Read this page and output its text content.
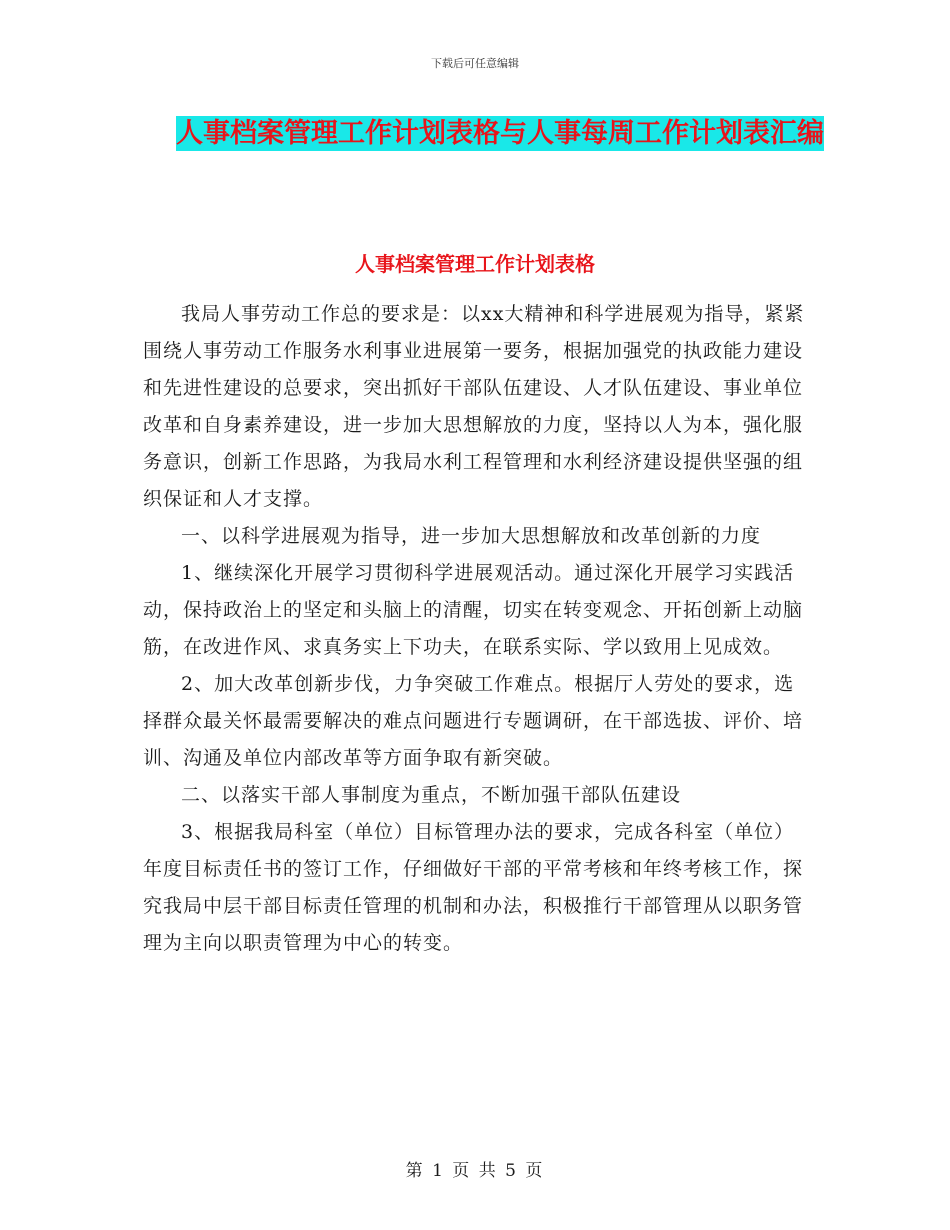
下载后可任意编辑
人事档案管理工作计划表格与人事每周工作计划表汇编
人事档案管理工作计划表格

我局人事劳动工作总的要求是：以xx大精神和科学进展观为指导，紧紧围绕人事劳动工作服务水利事业进展第一要务，根据加强党的执政能力建设和先进性建设的总要求，突出抓好干部队伍建设、人才队伍建设、事业单位改革和自身素养建设，进一步加大思想解放的力度，坚持以人为本，强化服务意识，创新工作思路，为我局水利工程管理和水利经济建设提供坚强的组织保证和人才支撑。

一、以科学进展观为指导，进一步加大思想解放和改革创新的力度

1、继续深化开展学习贯彻科学进展观活动。通过深化开展学习实践活动，保持政治上的坚定和头脑上的清醒，切实在转变观念、开拓创新上动脑筋，在改进作风、求真务实上下功夫，在联系实际、学以致用上见成效。

2、加大改革创新步伐，力争突破工作难点。根据厅人劳处的要求，选择群众最关怀最需要解决的难点问题进行专题调研，在干部选拔、评价、培训、沟通及单位内部改革等方面争取有新突破。

二、以落实干部人事制度为重点，不断加强干部队伍建设

3、根据我局科室（单位）目标管理办法的要求，完成各科室（单位）年度目标责任书的签订工作，仔细做好干部的平常考核和年终考核工作，探究我局中层干部目标责任管理的机制和办法，积极推行干部管理从以职务管理为主向以职责管理为中心的转变。

第 1 页 共 5 页
